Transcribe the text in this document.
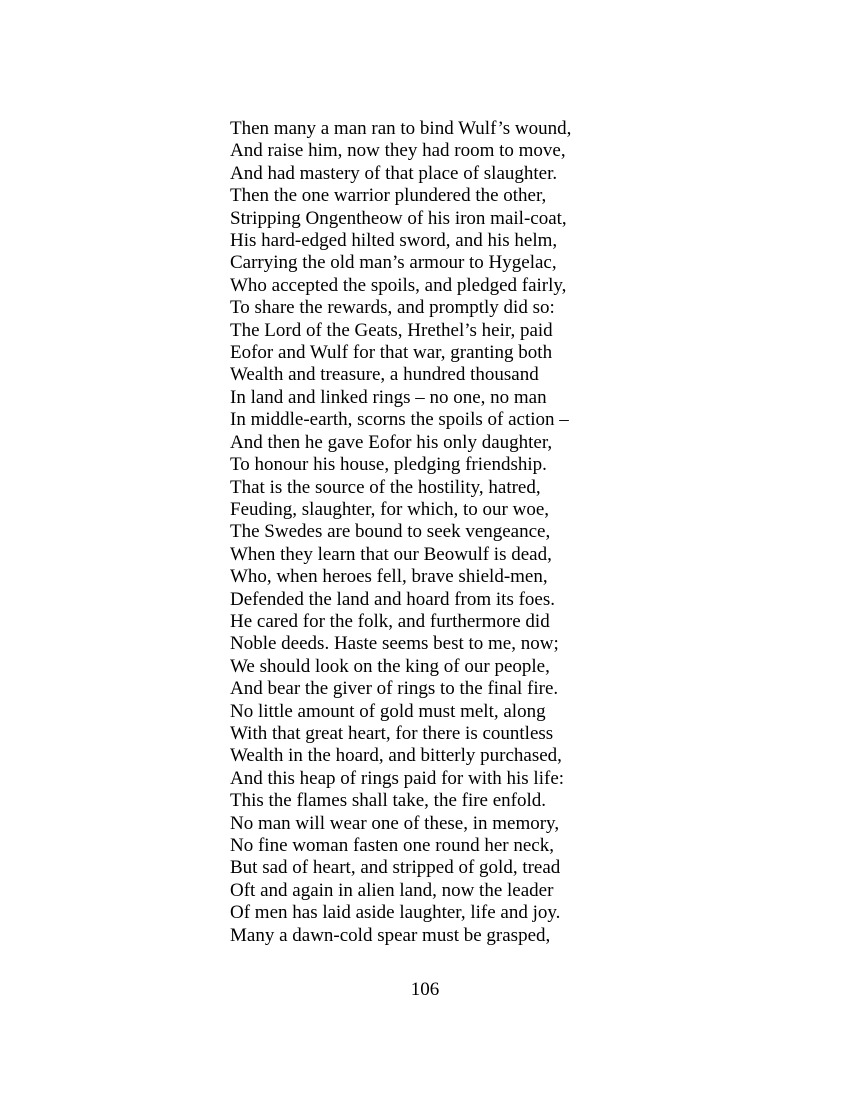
Then many a man ran to bind Wulf’s wound,
And raise him, now they had room to move,
And had mastery of that place of slaughter.
Then the one warrior plundered the other,
Stripping Ongentheow of his iron mail-coat,
His hard-edged hilted sword, and his helm,
Carrying the old man’s armour to Hygelac,
Who accepted the spoils, and pledged fairly,
To share the rewards, and promptly did so:
The Lord of the Geats, Hrethel’s heir, paid
Eofor and Wulf for that war, granting both
Wealth and treasure, a hundred thousand
In land and linked rings – no one, no man
In middle-earth, scorns the spoils of action –
And then he gave Eofor his only daughter,
To honour his house, pledging friendship.
That is the source of the hostility, hatred,
Feuding, slaughter, for which, to our woe,
The Swedes are bound to seek vengeance,
When they learn that our Beowulf is dead,
Who, when heroes fell, brave shield-men,
Defended the land and hoard from its foes.
He cared for the folk, and furthermore did
Noble deeds. Haste seems best to me, now;
We should look on the king of our people,
And bear the giver of rings to the final fire.
No little amount of gold must melt, along
With that great heart, for there is countless
Wealth in the hoard, and bitterly purchased,
And this heap of rings paid for with his life:
This the flames shall take, the fire enfold.
No man will wear one of these, in memory,
No fine woman fasten one round her neck,
But sad of heart, and stripped of gold, tread
Oft and again in alien land, now the leader
Of men has laid aside laughter, life and joy.
Many a dawn-cold spear must be grasped,
106
